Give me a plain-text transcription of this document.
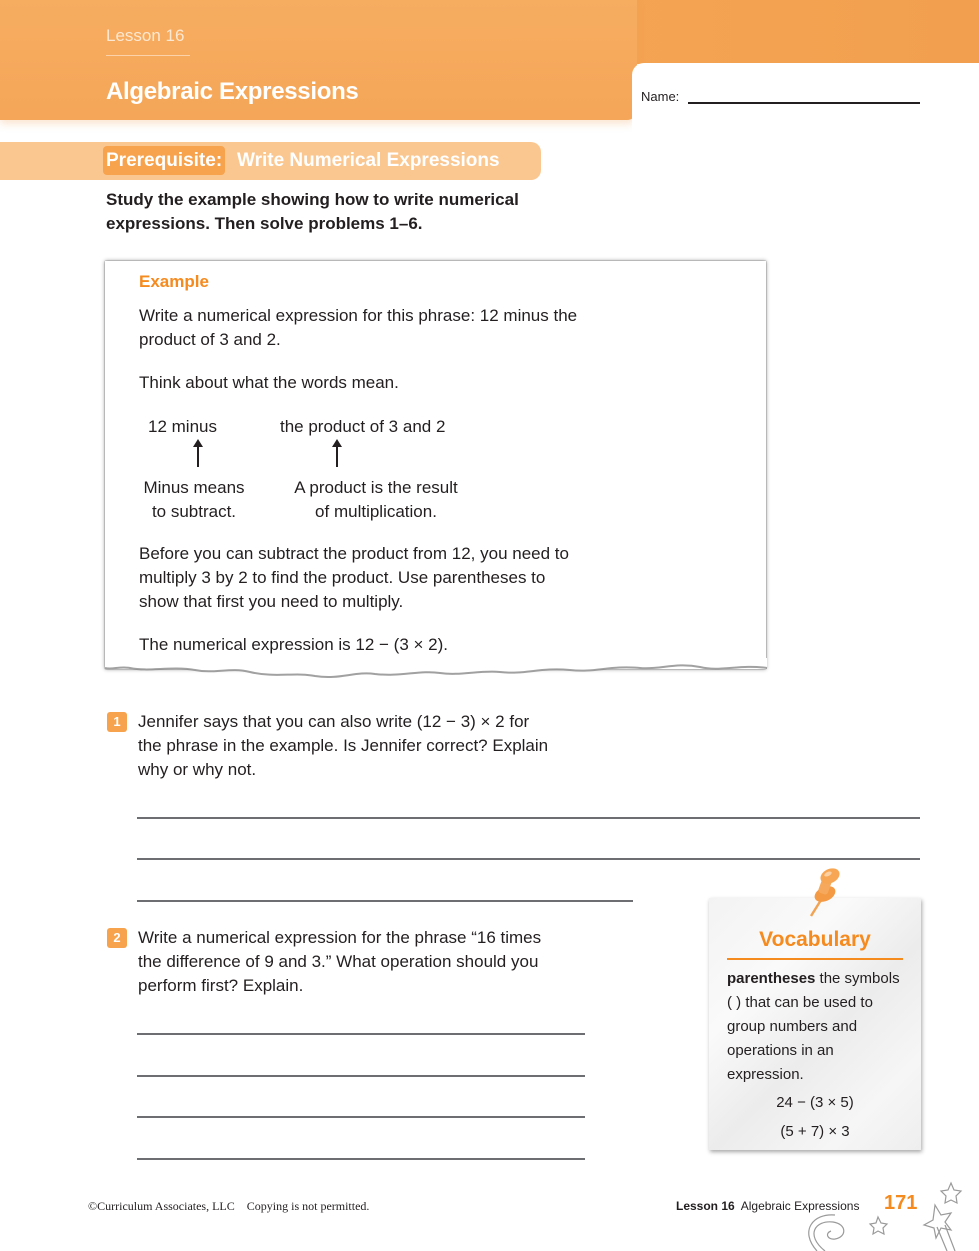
Lesson 16
Algebraic Expressions	Name:
Prerequisite: Write Numerical Expressions
Study the example showing how to write numerical expressions. Then solve problems 1–6.
Example
Write a numerical expression for this phrase: 12 minus the
product of 3 and 2.
Think about what the words mean.
12 minus	the product of 3 and 2
Minus means
to subtract.
A product is the result
of multiplication.
Before you can subtract the product from 12, you need to
multiply 3 by 2 to find the product. Use parentheses to
show that first you need to multiply.
The numerical expression is 12 − (3 × 2).
1	Jennifer says that you can also write (12 − 3) × 2 for
the phrase in the example. Is Jennifer correct? Explain
why or why not.
2	Write a numerical expression for the phrase “16 times
the difference of 9 and 3.” What operation should you
perform first? Explain.
Vocabulary
parentheses the symbols ( ) that can be used to group numbers and operations in an expression.
24 − (3 × 5)
(5 + 7) × 3
©Curriculum Associates, LLC    Copying is not permitted.	Lesson 16 Algebraic Expressions 171
